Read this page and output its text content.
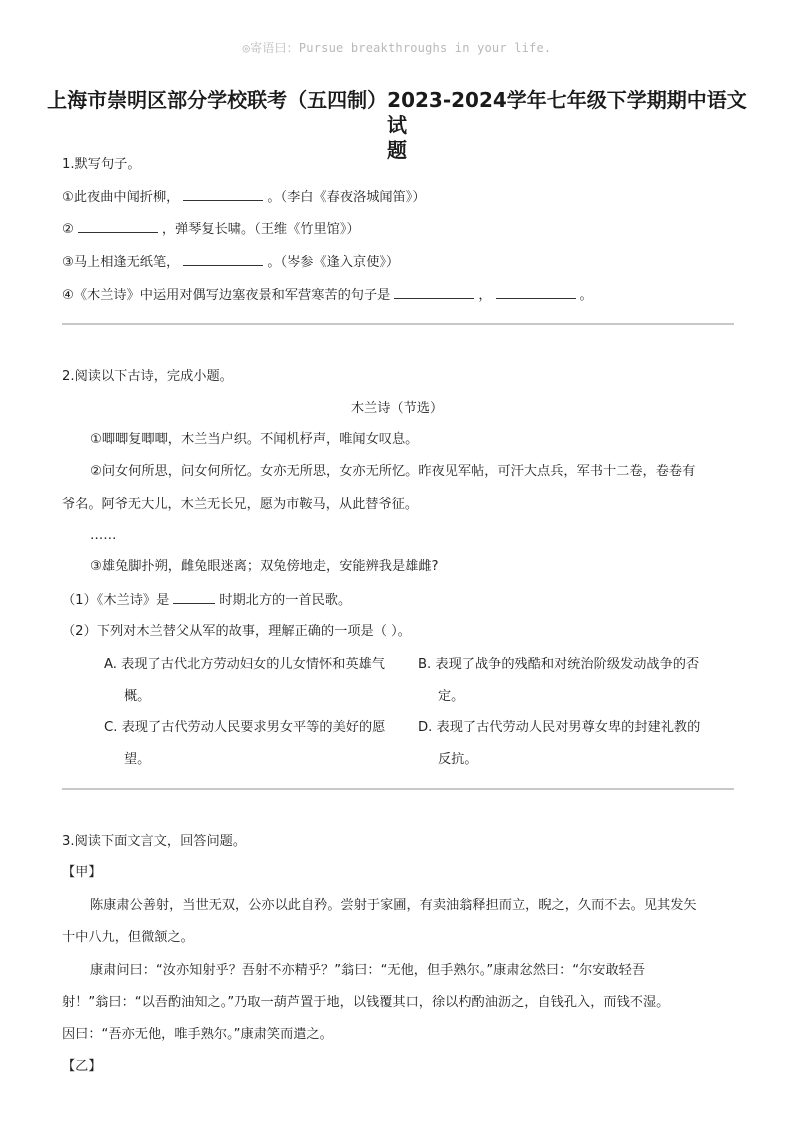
◎寄语曰：Pursue breakthroughs in your life.
上海市崇明区部分学校联考（五四制）2023-2024学年七年级下学期期中语文试
题
1.默写句子。
①此夜曲中闻折柳，	。（李白《春夜洛城闻笛》）
②	，弹琴复长啸。（王维《竹里馆》）
③马上相逢无纸笔，	。（岑参《逢入京使》）
④《木兰诗》中运用对偶写边塞夜景和军营寒苦的句子是	，	。
2.阅读以下古诗，完成小题。
木兰诗（节选）
①唧唧复唧唧，木兰当户织。不闻机杼声，唯闻女叹息。
②问女何所思，问女何所忆。女亦无所思，女亦无所忆。昨夜见军帖，可汗大点兵，军书十二卷，卷卷有
爷名。阿爷无大儿，木兰无长兄，愿为市鞍马，从此替爷征。
……
③雄兔脚扑朔，雌兔眼迷离；双兔傍地走，安能辨我是雄雌?
（1）《木兰诗》是	时期北方的一首民歌。
（2）下列对木兰替父从军的故事，理解正确的一项是（ ）。
A. 表现了古代北方劳动妇女的儿女情怀和英雄气
概。
B. 表现了战争的残酷和对统治阶级发动战争的否
定。
C. 表现了古代劳动人民要求男女平等的美好的愿
望。
D. 表现了古代劳动人民对男尊女卑的封建礼教的
反抗。
3.阅读下面文言文，回答问题。
【甲】
陈康肃公善射，当世无双，公亦以此自矜。尝射于家圃，有卖油翁释担而立，睨之，久而不去。见其发矢
十中八九，但微颔之。
康肃问曰：“汝亦知射乎？吾射不亦精乎？”翁曰：“无他，但手熟尔。”康肃忿然曰：“尔安敢轻吾
射！”翁曰：“以吾酌油知之。”乃取一葫芦置于地，以钱覆其口，徐以杓酌油沥之，自钱孔入，而钱不湿。
因曰：“吾亦无他，唯手熟尔。”康肃笑而遣之。
【乙】
